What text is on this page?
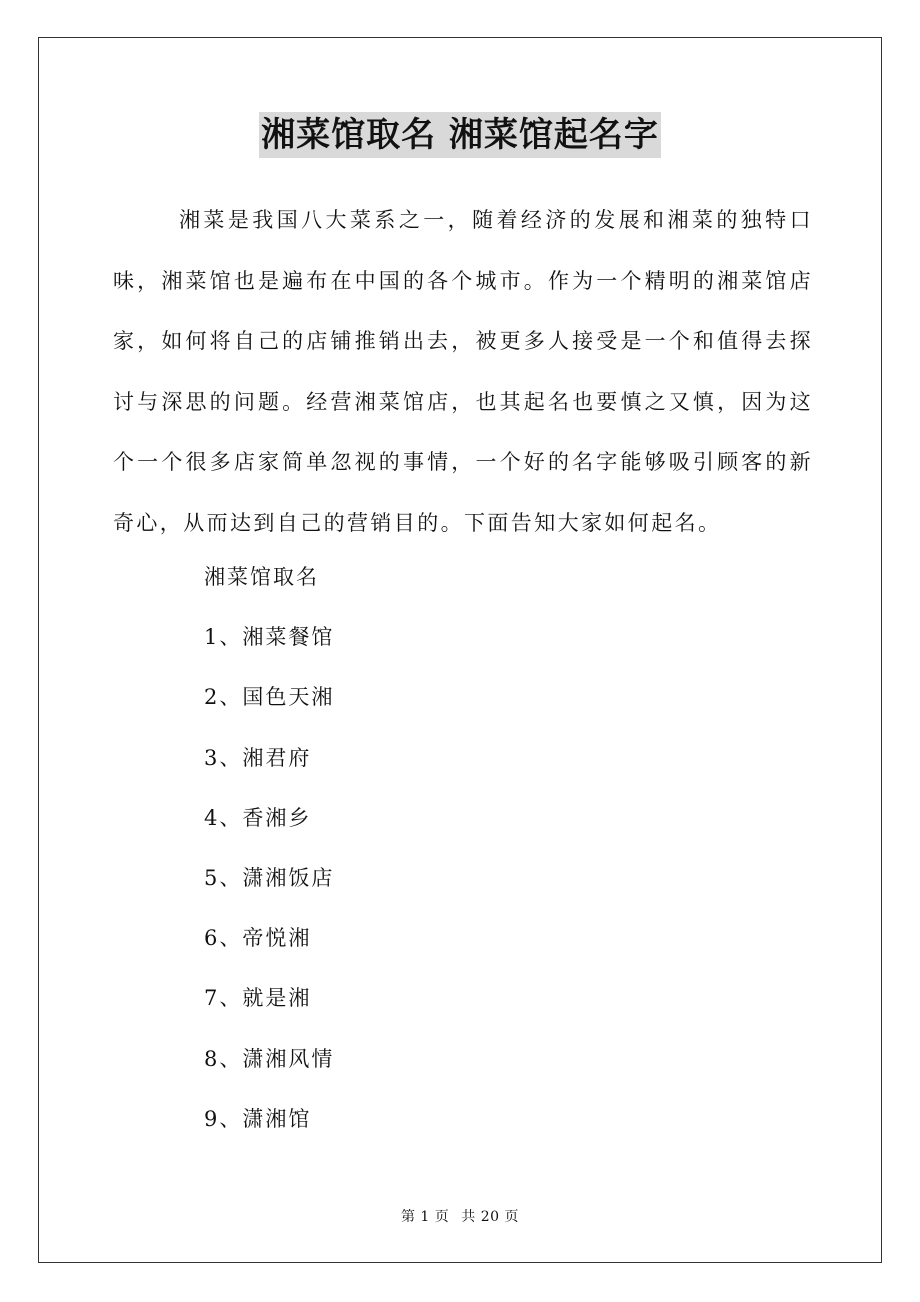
湘菜馆取名 湘菜馆起名字

湘菜是我国八大菜系之一，随着经济的发展和湘菜的独特口味，湘菜馆也是遍布在中国的各个城市。作为一个精明的湘菜馆店家，如何将自己的店铺推销出去，被更多人接受是一个和值得去探讨与深思的问题。经营湘菜馆店，也其起名也要慎之又慎，因为这个一个很多店家简单忽视的事情，一个好的名字能够吸引顾客的新奇心，从而达到自己的营销目的。下面告知大家如何起名。

湘菜馆取名
1、湘菜餐馆
2、国色天湘
3、湘君府
4、香湘乡
5、潇湘饭店
6、帝悦湘
7、就是湘
8、潇湘风情
9、潇湘馆
第 1 页 共 20 页
